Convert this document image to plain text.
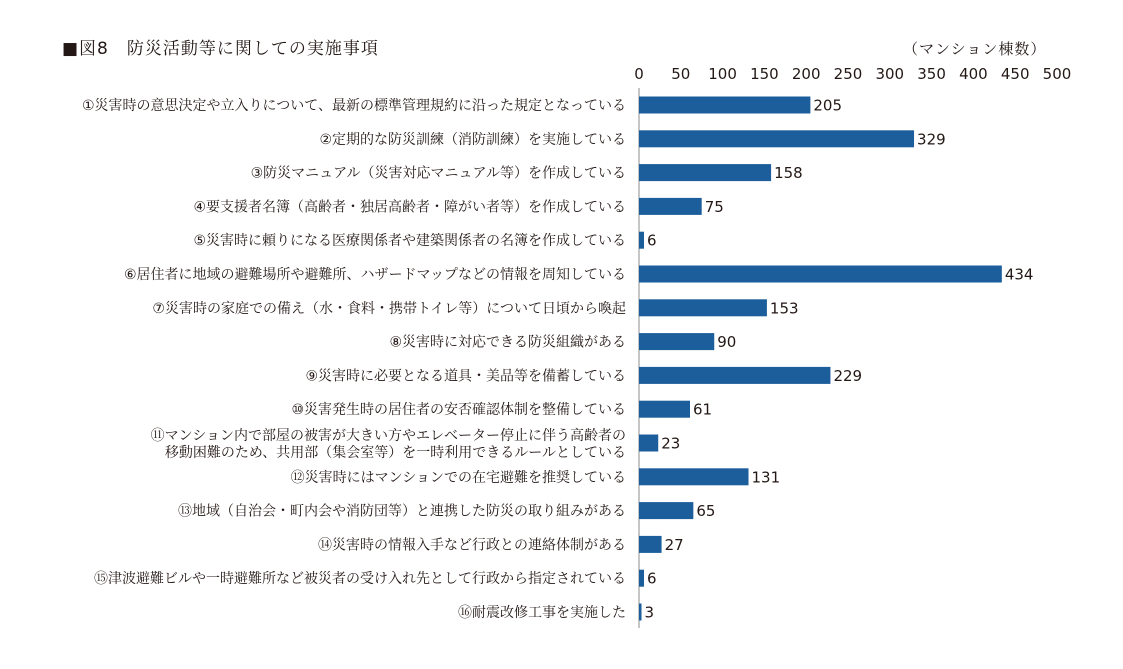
■図8　防災活動等に関しての実施事項	（マンション棟数）
0 50 100 150 200 250 300 350 400 450 500
205
①災害時の意思決定や立入りについて、最新の標準管理規約に沿った規定となっている
329
②定期的な防災訓練（消防訓練）を実施している
158
③防災マニュアル（災害対応マニュアル等）を作成している
75
④要支援者名簿（高齢者・独居高齢者・障がい者等）を作成している
6
⑤災害時に頼りになる医療関係者や建築関係者の名簿を作成している
434
⑥居住者に地域の避難場所や避難所、ハザードマップなどの情報を周知している
153
⑦災害時の家庭での備え（水・食料・携帯トイレ等）について日頃から喚起
90
⑧災害時に対応できる防災組織がある
229
⑨災害時に必要となる道具・美品等を備蓄している
61
⑩災害発生時の居住者の安否確認体制を整備している
23
⑪マンション内で部屋の被害が大きい方やエレベーター停止に伴う高齢者の移動困難のため、共用部（集会室等）を一時利用できるルールとしている
131
⑫災害時にはマンションでの在宅避難を推奨している
65
⑬地域（自治会・町内会や消防団等）と連携した防災の取り組みがある
27
⑭災害時の情報入手など行政との連絡体制がある
6
⑮津波避難ビルや一時避難所など被災者の受け入れ先として行政から指定されている
3
⑯耐震改修工事を実施した
